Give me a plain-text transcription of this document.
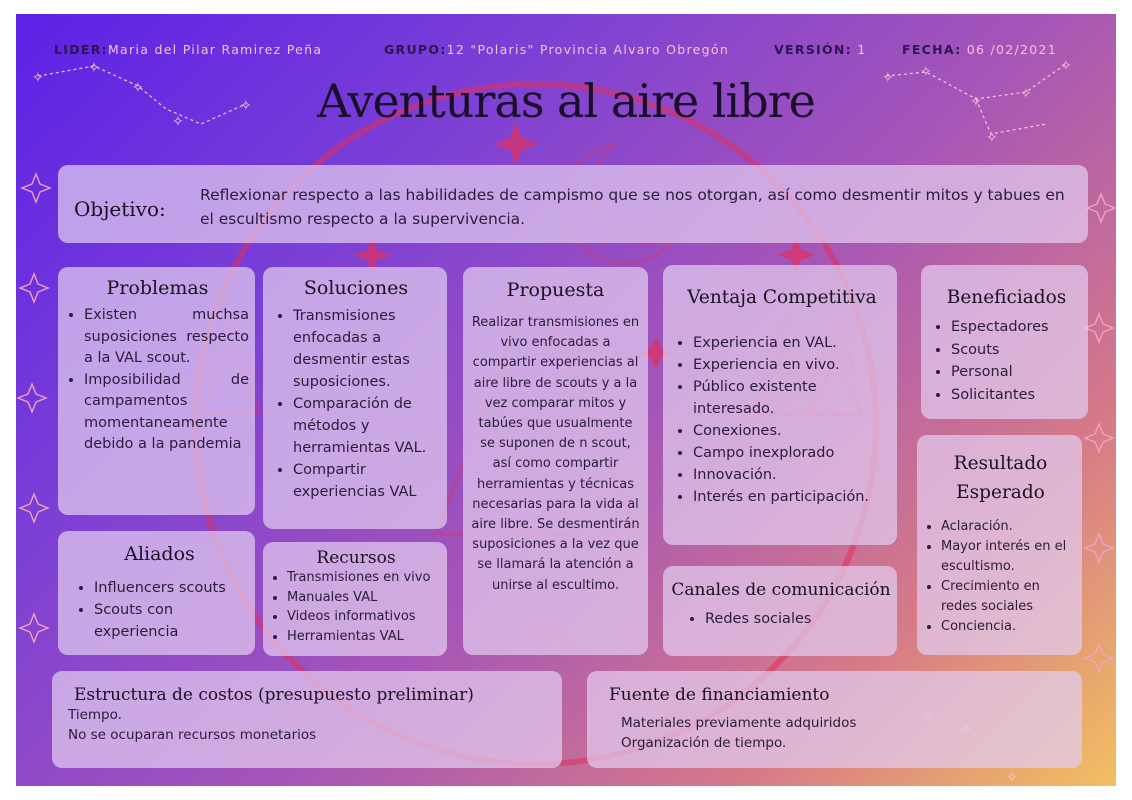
✧
✧
✧
✧
✧
✧ ✧
✧	✧
✧
✧
✧
LIDER:Maria del Pilar Ramirez Peña	GRUPO:12 "Polaris" Provincia Alvaro Obregón	VERSIÓN: 1	FECHA: 06 /02/2021
Aventuras al aire libre
Objetivo:
Reflexionar respecto a las habilidades de campismo que se nos otorgan, así como desmentir mitos y tabues en el escultismo respecto a la supervivencia.
Problemas
• Existen muchsa suposiciones respecto a la VAL scout.
• Imposibilidad de campamentos momentaneamente debido a la pandemia
Soluciones
• Transmisiones enfocadas a desmentir estas suposiciones.
• Comparación de métodos y herramientas VAL.
• Compartir experiencias VAL
Propuesta
Realizar transmisiones en vivo enfocadas a compartir experiencias al aire libre de scouts y a la vez comparar mitos y tabúes que usualmente se suponen de n scout, así como compartir herramientas y técnicas necesarias para la vida al aire libre. Se desmentirán suposiciones a la vez que se llamará la atención a unirse al escultimo.
Ventaja Competitiva
• Experiencia en VAL.
• Experiencia en vivo.
• Público existente interesado.
• Conexiones.
• Campo inexplorado
• Innovación.
• Interés en participación.
Beneficiados
• Espectadores
• Scouts
• Personal
• Solicitantes
Resultado
Esperado
• Aclaración.
• Mayor interés en el escultismo.
• Crecimiento en redes sociales
• Conciencia.
Aliados
• Influencers scouts
• Scouts con experiencia
Recursos
• Transmisiones en vivo
• Manuales VAL
• Videos informativos
• Herramientas VAL
Canales de comunicación
• Redes sociales
Estructura de costos (presupuesto preliminar)
Tiempo.
No se ocuparan recursos monetarios
Fuente de financiamiento
Materiales previamente adquiridos
Organización de tiempo.
